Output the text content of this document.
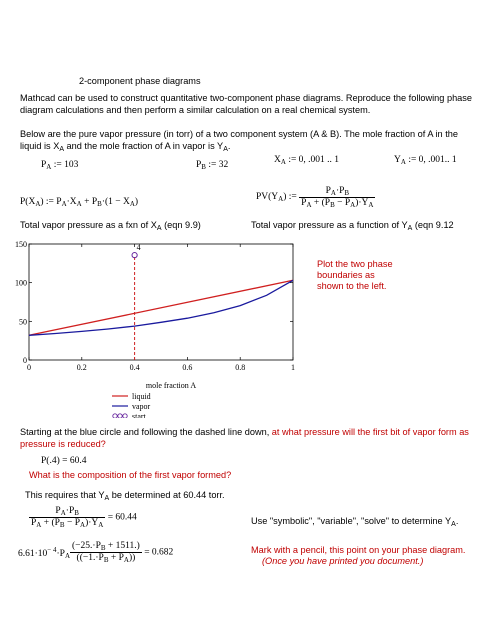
2-component phase diagrams
Mathcad can be used to construct quantitative two-component phase diagrams. Reproduce the following phase diagram calculations and then perform a similar calculation on a real chemical system.
Below are the pure vapor pressure (in torr) of a two component system (A & B). The mole fraction of A in the liquid is $X_A$ and the mole fraction of A in vapor is $Y_A$.
$P_A$ := 103	$P_B$ := 32	$X_A$ := 0, .001 .. 1	$Y_A$ := 0, .001.. 1
$P(X_A)$ := $P_A\cdot X_A + P_B\cdot(1 - X_A)$	$PV(Y_A)$ := $\frac{P_A\cdot P_B}{P_A + (P_B - P_A)\cdot Y_A}$
Total vapor pressure as a fxn of $X_A$ (eqn 9.9)	Total vapor pressure as a function of $Y_A$ (eqn 9.12
0	0.2	0.4	0.6	0.8	1
0
50
100
150
mole fraction A
4
liquid
vapor
start
Plot the two phase boundaries as shown to the left.
Starting at the blue circle and following the dashed line down, at what pressure will the first bit of vapor form as pressure is reduced?
P(.4) = 60.4
What is the composition of the first vapor formed?
This requires that $Y_A$ be determined at 60.44 torr.
$\frac{P_A\cdot P_B}{P_A + (P_B - P_A)\cdot Y_A} = 60.44$	Use "symbolic", "variable", "solve" to determine $Y_A$.
$6.61\cdot 10^{- 4}\cdot P_A \frac{(-25.\cdot P_B + 1511.)}{((-1.\cdot P_B + P_A))} = 0.682$	Mark with a pencil, this point on your phase diagram.
(Once you have printed you document.)
